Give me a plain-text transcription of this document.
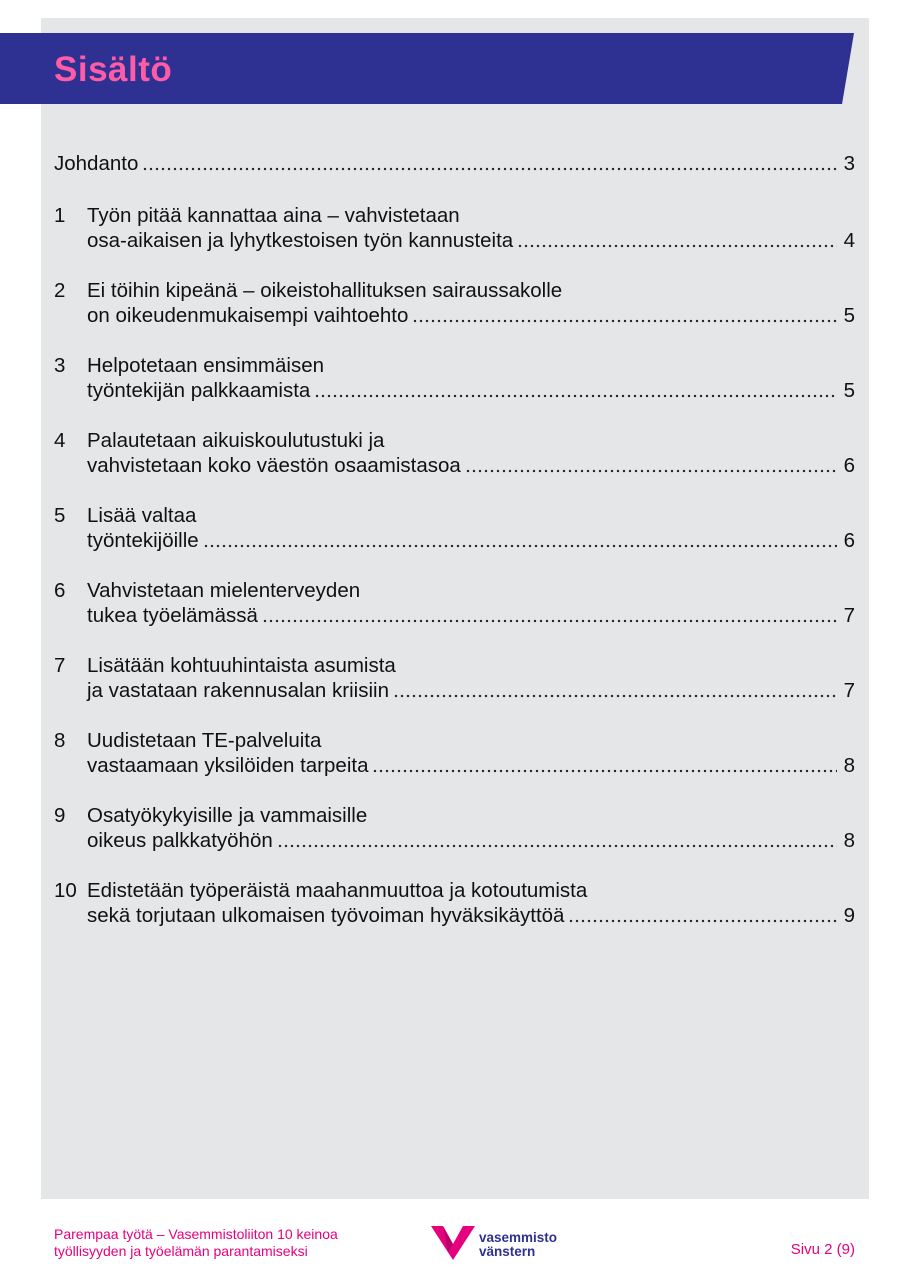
Sisältö
Johdanto	3
1	Työn pitää kannattaa aina – vahvistetaan
osa-aikaisen ja lyhytkestoisen työn kannusteita	4
2	Ei töihin kipeänä – oikeistohallituksen sairaussakolle
on oikeudenmukaisempi vaihtoehto	5
3	Helpotetaan ensimmäisen
työntekijän palkkaamista	5
4	Palautetaan aikuiskoulutustuki ja
vahvistetaan koko väestön osaamistasoa	6
5	Lisää valtaa
työntekijöille	6
6	Vahvistetaan mielenterveyden
tukea työelämässä	7
7	Lisätään kohtuuhintaista asumista
ja vastataan rakennusalan kriisiin	7
8	Uudistetaan TE-palveluita
vastaamaan yksilöiden tarpeita	8
9	Osatyökykyisille ja vammaisille
oikeus palkkatyöhön	8
10 Edistetään työperäistä maahanmuuttoa ja kotoutumista
sekä torjutaan ulkomaisen työvoiman hyväksikäyttöä	9
Parempaa työtä – Vasemmistoliiton 10 keinoa
työllisyyden ja työelämän parantamiseksi
vasemmisto
vänstern	Sivu 2 (9)
